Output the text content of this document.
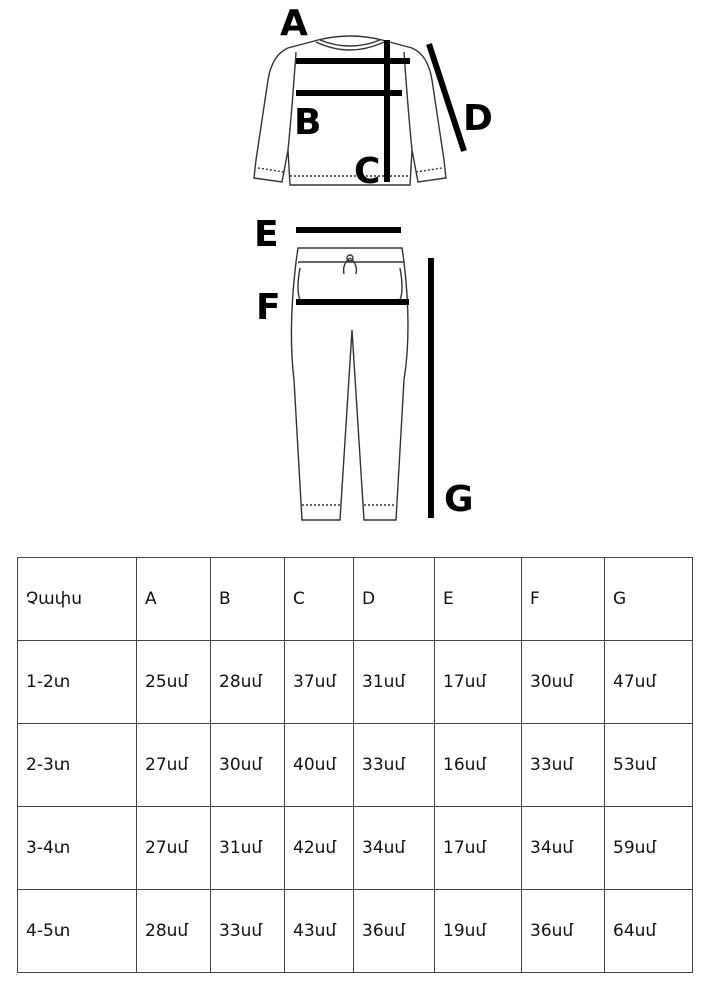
A
B
C
D
E
F
G
Չափս	A	B	C	D	E	F	G
1-2տ	25սմ	28սմ	37սմ	31սմ	17սմ	30սմ	47սմ
2-3տ	27սմ	30սմ	40սմ	33սմ	16սմ	33սմ	53սմ
3-4տ	27սմ	31սմ	42սմ	34սմ	17սմ	34սմ	59սմ
4-5տ	28սմ	33սմ	43սմ	36սմ	19սմ	36սմ	64սմ
